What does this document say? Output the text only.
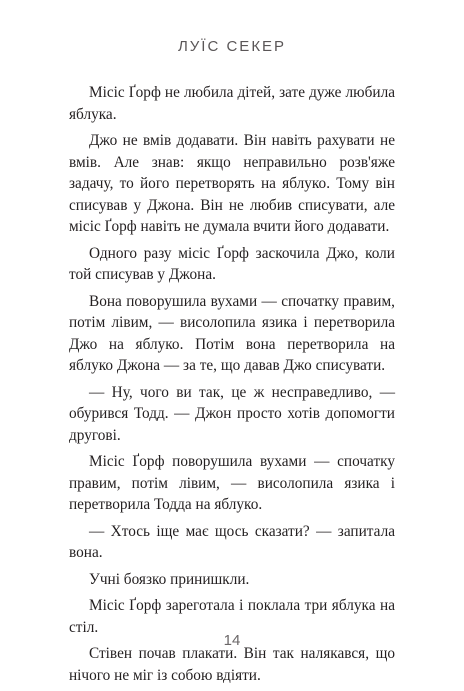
ЛУЇС СЕКЕР

Місіс Ґорф не любила дітей, зате дуже любила яблука.

Джо не вмів додавати. Він навіть рахувати не вмів. Але знав: якщо неправильно розв'яже задачу, то його перетворять на яблуко. Тому він списував у Джона. Він не любив списувати, але місіс Ґорф навіть не думала вчити його додавати.

Одного разу місіс Ґорф заскочила Джо, коли той списував у Джона.

Вона поворушила вухами — спочатку правим, потім лівим, — висолопила язика і перетворила Джо на яблуко. Потім вона перетворила на яблуко Джона — за те, що давав Джо списувати.

— Ну, чого ви так, це ж несправедливо, — обурився Тодд. — Джон просто хотів допомогти другові.

Місіс Ґорф поворушила вухами — спочатку правим, потім лівим, — висолопила язика і перетворила Тодда на яблуко.

— Хтось іще має щось сказати? — запитала вона.

Учні боязко принишкли.

Місіс Ґорф зареготала і поклала три яблука на стіл.

Стівен почав плакати. Він так налякався, що нічого не міг із собою вдіяти.

14
